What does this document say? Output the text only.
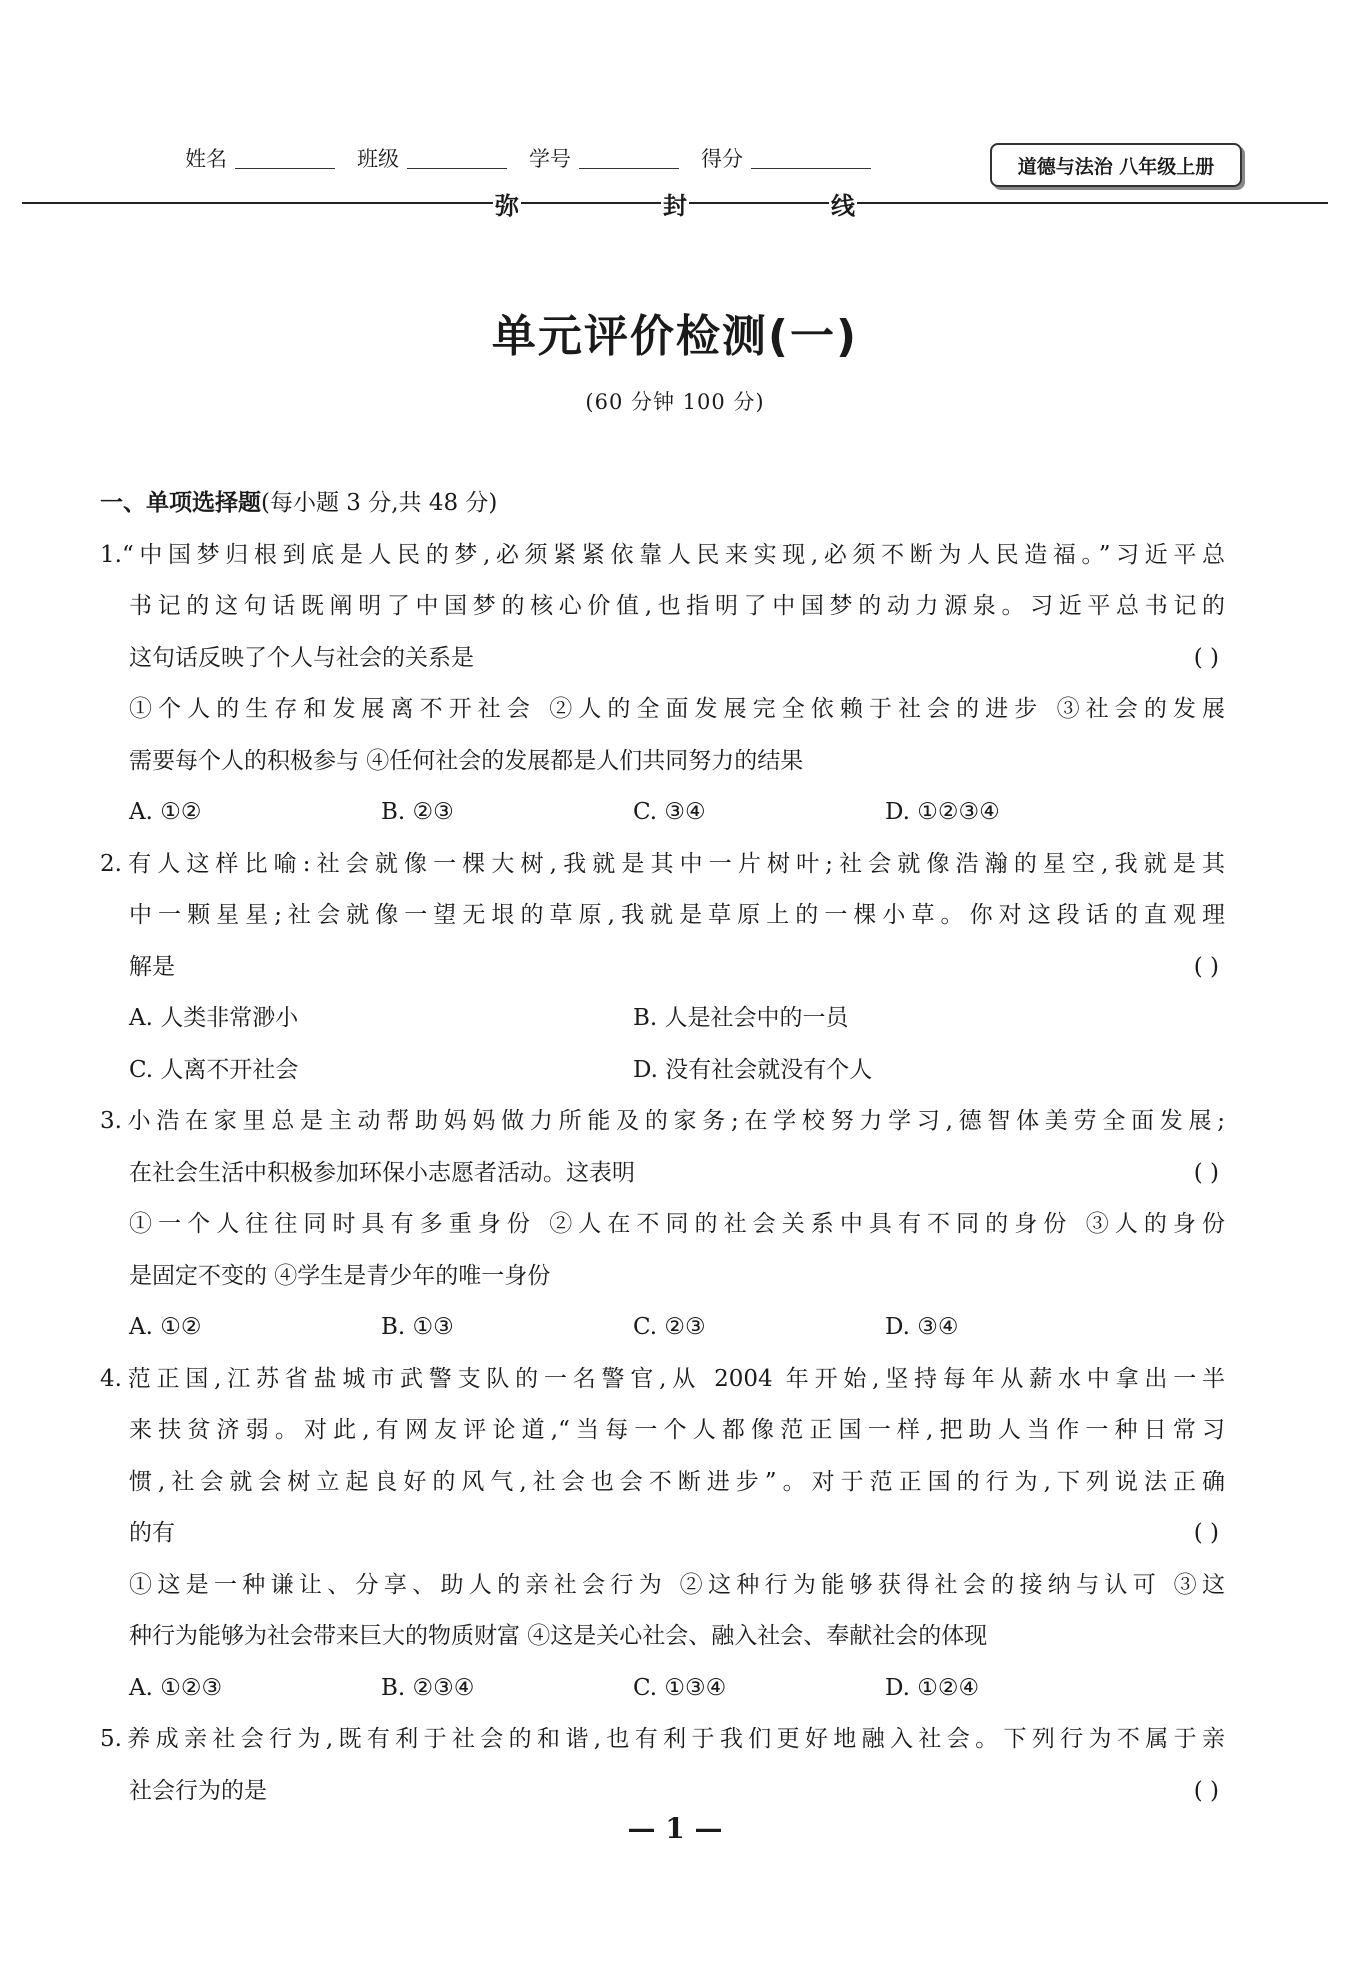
姓名	班级	学号	得分	道德与法治 八年级上册
弥	封	线
单元评价检测(一)
(60 分钟 100 分)
一、单项选择题(每小题 3 分,共 48 分)
1.“中国梦归根到底是人民的梦,必须紧紧依靠人民来实现,必须不断为人民造福。”习近平总
书记的这句话既阐明了中国梦的核心价值,也指明了中国梦的动力源泉。习近平总书记的
这句话反映了个人与社会的关系是	( )
①个人的生存和发展离不开社会 ②人的全面发展完全依赖于社会的进步 ③社会的发展
需要每个人的积极参与 ④任何社会的发展都是人们共同努力的结果
A. ①②	B. ②③	C. ③④	D. ①②③④
2.有人这样比喻:社会就像一棵大树,我就是其中一片树叶;社会就像浩瀚的星空,我就是其
中一颗星星;社会就像一望无垠的草原,我就是草原上的一棵小草。你对这段话的直观理
解是	( )
A. 人类非常渺小	B. 人是社会中的一员
C. 人离不开社会	D. 没有社会就没有个人
3.小浩在家里总是主动帮助妈妈做力所能及的家务;在学校努力学习,德智体美劳全面发展;
在社会生活中积极参加环保小志愿者活动。这表明	( )
①一个人往往同时具有多重身份 ②人在不同的社会关系中具有不同的身份 ③人的身份
是固定不变的 ④学生是青少年的唯一身份
A. ①②	B. ①③	C. ②③	D. ③④
4.范正国,江苏省盐城市武警支队的一名警官,从 2004 年开始,坚持每年从薪水中拿出一半
来扶贫济弱。对此,有网友评论道,“当每一个人都像范正国一样,把助人当作一种日常习
惯,社会就会树立起良好的风气,社会也会不断进步”。对于范正国的行为,下列说法正确
的有	( )
①这是一种谦让、分享、助人的亲社会行为 ②这种行为能够获得社会的接纳与认可 ③这
种行为能够为社会带来巨大的物质财富 ④这是关心社会、融入社会、奉献社会的体现
A. ①②③	B. ②③④	C. ①③④	D. ①②④
5.养成亲社会行为,既有利于社会的和谐,也有利于我们更好地融入社会。下列行为不属于亲
社会行为的是	( )
— 1 —
